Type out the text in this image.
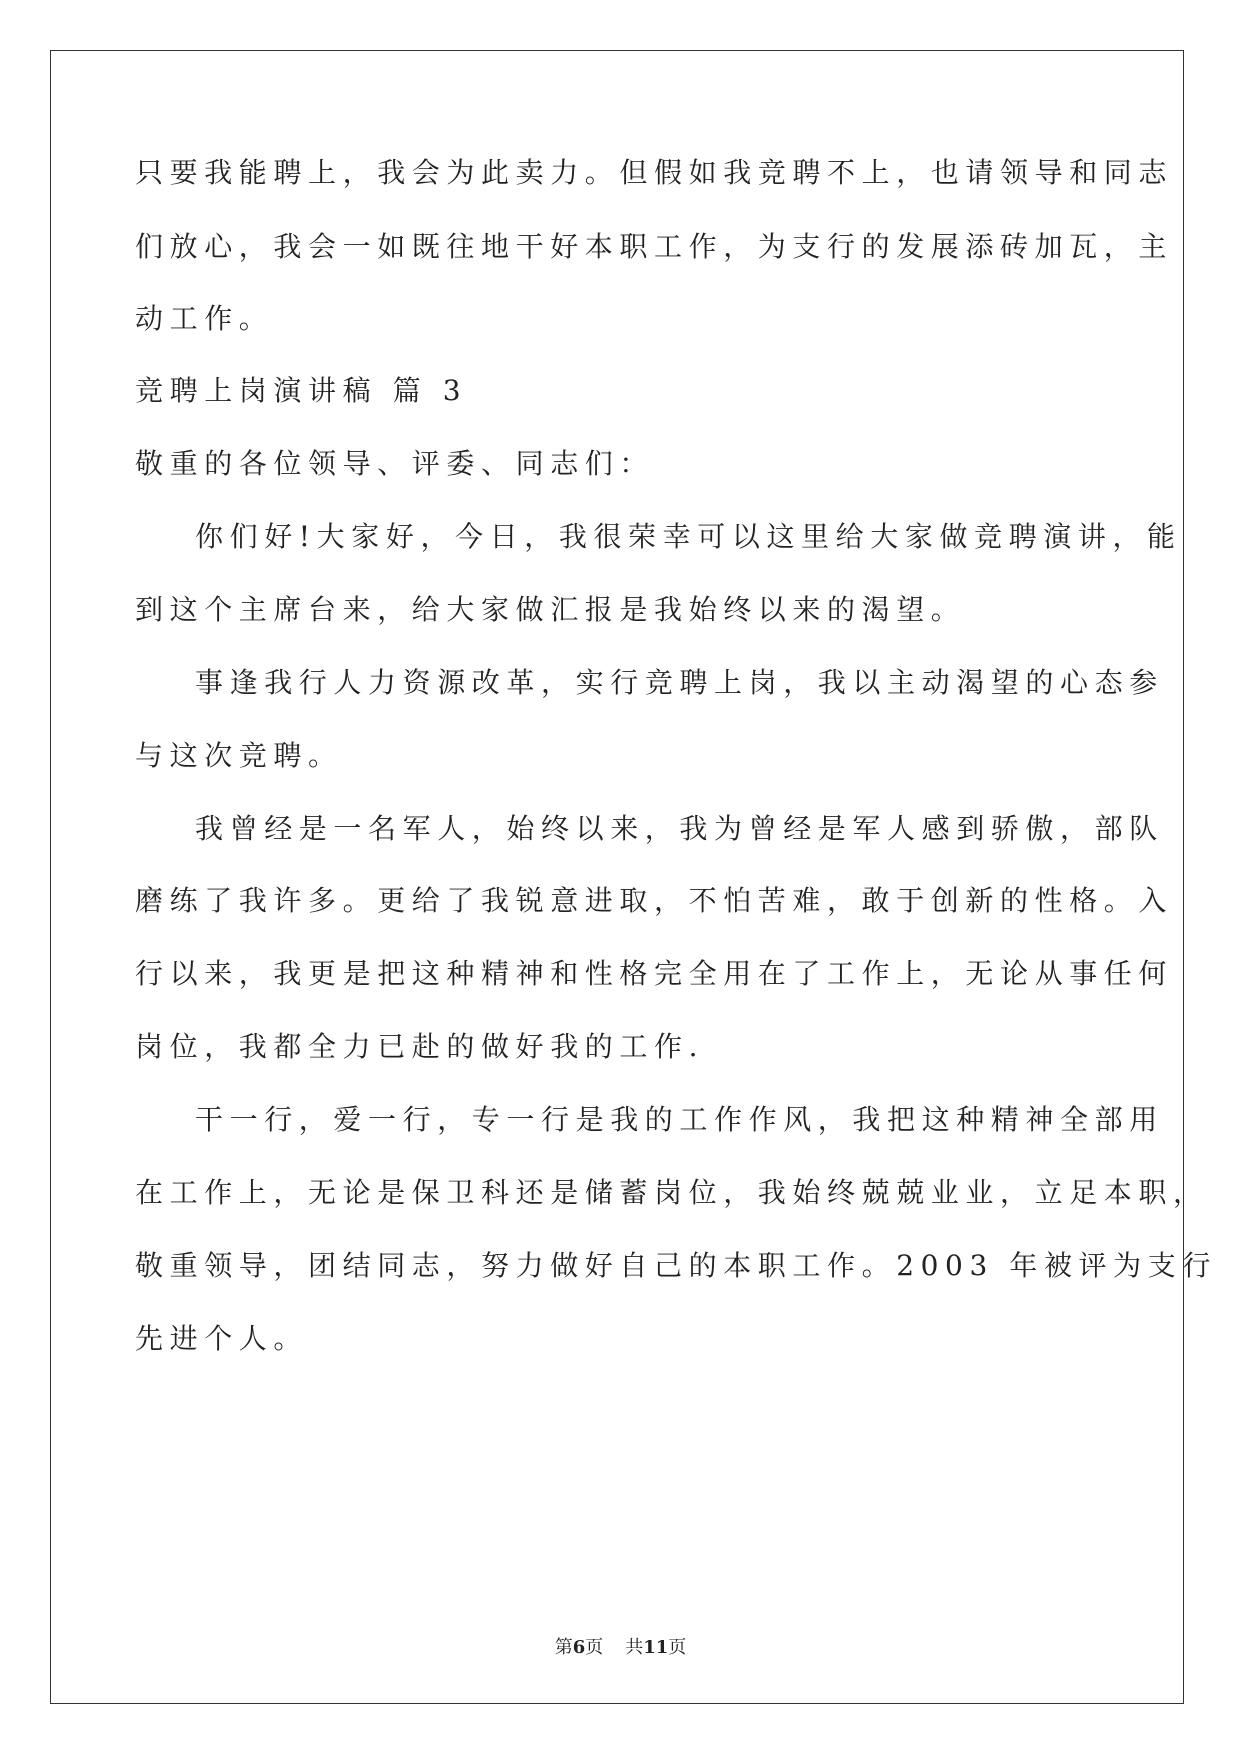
只要我能聘上，我会为此卖力。但假如我竞聘不上，也请领导和同志
们放心，我会一如既往地干好本职工作，为支行的发展添砖加瓦，主
动工作。
竞聘上岗演讲稿 篇 3
敬重的各位领导、评委、同志们：
你们好!大家好，今日，我很荣幸可以这里给大家做竞聘演讲，能
到这个主席台来，给大家做汇报是我始终以来的渴望。
事逢我行人力资源改革，实行竞聘上岗，我以主动渴望的心态参
与这次竞聘。
我曾经是一名军人，始终以来，我为曾经是军人感到骄傲，部队
磨练了我许多。更给了我锐意进取，不怕苦难，敢于创新的性格。入
行以来，我更是把这种精神和性格完全用在了工作上，无论从事任何
岗位，我都全力已赴的做好我的工作.
干一行，爱一行，专一行是我的工作作风，我把这种精神全部用
在工作上，无论是保卫科还是储蓄岗位，我始终兢兢业业，立足本职，
敬重领导，团结同志，努力做好自己的本职工作。2003 年被评为支行
先进个人。
第6页 共11页
